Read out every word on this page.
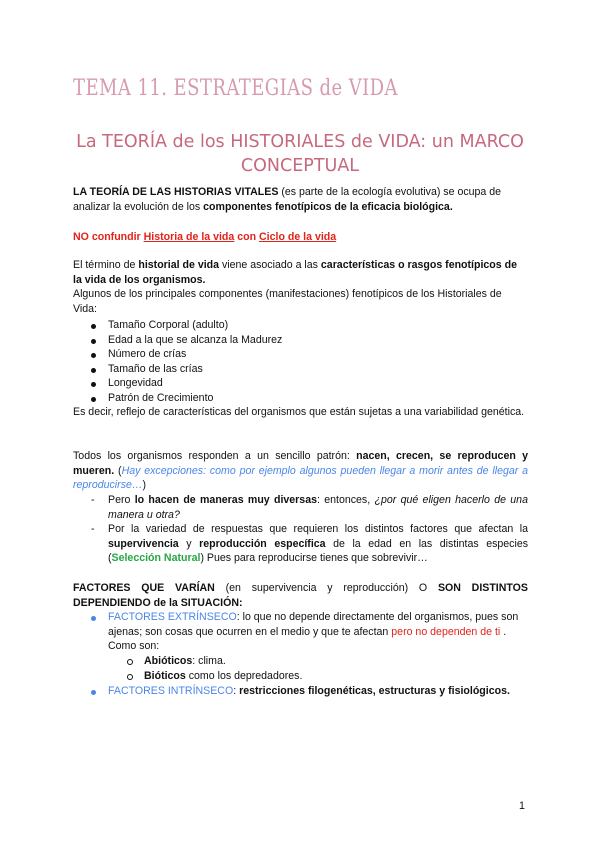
TEMA 11. ESTRATEGIAS de VIDA
La TEORÍA de los HISTORIALES de VIDA: un MARCO CONCEPTUAL
LA TEORÍA DE LAS HISTORIAS VITALES (es parte de la ecología evolutiva) se ocupa de analizar la evolución de los componentes fenotípicos de la eficacia biológica.
NO confundir Historia de la vida con Ciclo de la vida
El término de historial de vida viene asociado a las características o rasgos fenotípicos de la vida de los organismos.
Algunos de los principales componentes (manifestaciones) fenotípicos de los Historiales de Vida:
Tamaño Corporal (adulto)
Edad a la que se alcanza la Madurez
Número de crías
Tamaño de las crías
Longevidad
Patrón de Crecimiento
Es decir, reflejo de características del organismos que están sujetas a una variabilidad genética.
Todos los organismos responden a un sencillo patrón: nacen, crecen, se reproducen y mueren. (Hay excepciones: como por ejemplo algunos pueden llegar a morir antes de llegar a reproducirse…)
- Pero lo hacen de maneras muy diversas: entonces, ¿por qué eligen hacerlo de una manera u otra?
- Por la variedad de respuestas que requieren los distintos factores que afectan la supervivencia y reproducción específica de la edad en las distintas especies (Selección Natural) Pues para reproducirse tienes que sobrevivir…
FACTORES QUE VARÍAN (en supervivencia y reproducción) O SON DISTINTOS DEPENDIENDO de la SITUACIÓN:
FACTORES EXTRÍNSECO: lo que no depende directamente del organismos, pues son ajenas; son cosas que ocurren en el medio y que te afectan pero no dependen de ti . Como son:
Abióticos: clima.
Bióticos como los depredadores.
FACTORES INTRÍNSECO: restricciones filogenéticas, estructuras y fisiológicos.
1
